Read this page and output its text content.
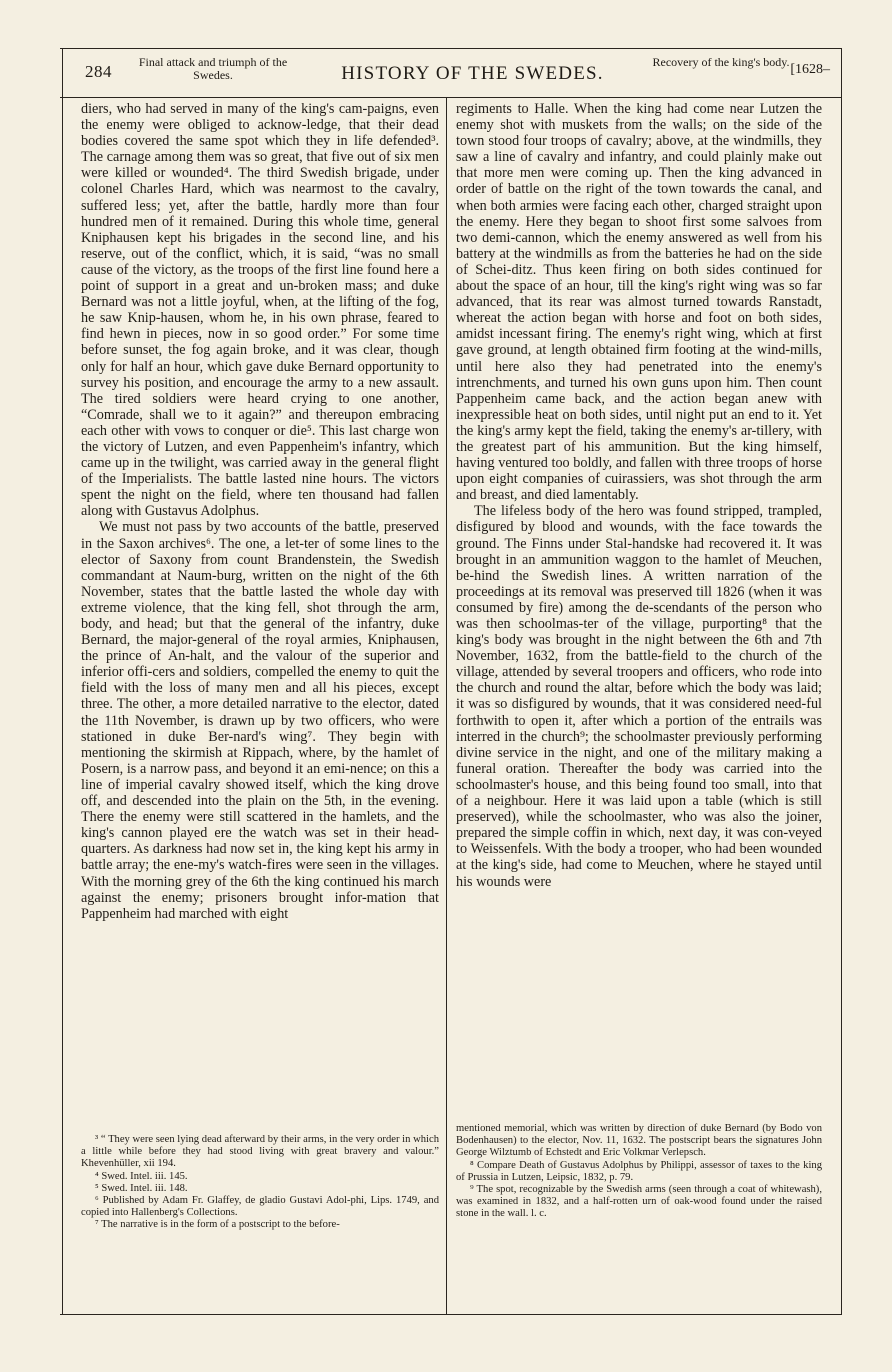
284 Final attack and triumph of the Swedes.	HISTORY OF THE SWEDES.
Recovery of the king's body. [1628–

diers, who had served in many of the king's cam-paigns, even the enemy were obliged to acknow-ledge, that their dead bodies covered the same spot which they in life defended³. The carnage among them was so great, that five out of six men were killed or wounded⁴. The third Swedish brigade, under colonel Charles Hard, which was nearmost to the cavalry, suffered less; yet, after the battle, hardly more than four hundred men of it remained. During this whole time, general Kniphausen kept his brigades in the second line, and his reserve, out of the conflict, which, it is said, “was no small cause of the victory, as the troops of the first line found here a point of support in a great and un-broken mass; and duke Bernard was not a little joyful, when, at the lifting of the fog, he saw Knip-hausen, whom he, in his own phrase, feared to find hewn in pieces, now in so good order.” For some time before sunset, the fog again broke, and it was clear, though only for half an hour, which gave duke Bernard opportunity to survey his position, and encourage the army to a new assault. The tired soldiers were heard crying to one another, “Comrade, shall we to it again?” and thereupon embracing each other with vows to conquer or die⁵. This last charge won the victory of Lutzen, and even Pappenheim's infantry, which came up in the twilight, was carried away in the general flight of the Imperialists. The battle lasted nine hours. The victors spent the night on the field, where ten thousand had fallen along with Gustavus Adolphus.

We must not pass by two accounts of the battle, preserved in the Saxon archives⁶. The one, a let-ter of some lines to the elector of Saxony from count Brandenstein, the Swedish commandant at Naum-burg, written on the night of the 6th November, states that the battle lasted the whole day with extreme violence, that the king fell, shot through the arm, body, and head; but that the general of the infantry, duke Bernard, the major-general of the royal armies, Kniphausen, the prince of An-halt, and the valour of the superior and inferior offi-cers and soldiers, compelled the enemy to quit the field with the loss of many men and all his pieces, except three. The other, a more detailed narrative to the elector, dated the 11th November, is drawn up by two officers, who were stationed in duke Ber-nard's wing⁷. They begin with mentioning the skirmish at Rippach, where, by the hamlet of Posern, is a narrow pass, and beyond it an emi-nence; on this a line of imperial cavalry showed itself, which the king drove off, and descended into the plain on the 5th, in the evening. There the enemy were still scattered in the hamlets, and the king's cannon played ere the watch was set in their head-quarters. As darkness had now set in, the king kept his army in battle array; the ene-my's watch-fires were seen in the villages. With the morning grey of the 6th the king continued his march against the enemy; prisoners brought infor-mation that Pappenheim had marched with eight

³ “ They were seen lying dead afterward by their arms, in the very order in which a little while before they had stood living with great bravery and valour.” Khevenhüller, xii 194.

⁴ Swed. Intel. iii. 145.

⁵ Swed. Intel. iii. 148.

⁶ Published by Adam Fr. Glaffey, de gladio Gustavi Adol-phi, Lips. 1749, and copied into Hallenberg's Collections.

⁷ The narrative is in the form of a postscript to the before-

regiments to Halle. When the king had come near Lutzen the enemy shot with muskets from the walls; on the side of the town stood four troops of cavalry; above, at the windmills, they saw a line of cavalry and infantry, and could plainly make out that more men were coming up. Then the king advanced in order of battle on the right of the town towards the canal, and when both armies were facing each other, charged straight upon the enemy. Here they began to shoot first some salvoes from two demi-cannon, which the enemy answered as well from his battery at the windmills as from the batteries he had on the side of Schei-ditz. Thus keen firing on both sides continued for about the space of an hour, till the king's right wing was so far advanced, that its rear was almost turned towards Ranstadt, whereat the action began with horse and foot on both sides, amidst incessant firing. The enemy's right wing, which at first gave ground, at length obtained firm footing at the wind-mills, until here also they had penetrated into the enemy's intrenchments, and turned his own guns upon him. Then count Pappenheim came back, and the action began anew with inexpressible heat on both sides, until night put an end to it. Yet the king's army kept the field, taking the enemy's ar-tillery, with the greatest part of his ammunition. But the king himself, having ventured too boldly, and fallen with three troops of horse upon eight companies of cuirassiers, was shot through the arm and breast, and died lamentably.

The lifeless body of the hero was found stripped, trampled, disfigured by blood and wounds, with the face towards the ground. The Finns under Stal-handske had recovered it. It was brought in an ammunition waggon to the hamlet of Meuchen, be-hind the Swedish lines. A written narration of the proceedings at its removal was preserved till 1826 (when it was consumed by fire) among the de-scendants of the person who was then schoolmas-ter of the village, purporting⁸ that the king's body was brought in the night between the 6th and 7th November, 1632, from the battle-field to the church of the village, attended by several troopers and officers, who rode into the church and round the altar, before which the body was laid; it was so disfigured by wounds, that it was considered need-ful forthwith to open it, after which a portion of the entrails was interred in the church⁹; the schoolmaster previously performing divine service in the night, and one of the military making a funeral oration. Thereafter the body was carried into the schoolmaster's house, and this being found too small, into that of a neighbour. Here it was laid upon a table (which is still preserved), while the schoolmaster, who was also the joiner, prepared the simple coffin in which, next day, it was con-veyed to Weissenfels. With the body a trooper, who had been wounded at the king's side, had come to Meuchen, where he stayed until his wounds were

mentioned memorial, which was written by direction of duke Bernard (by Bodo von Bodenhausen) to the elector, Nov. 11, 1632. The postscript bears the signatures John George Wilztumb of Echstedt and Eric Volkmar Verlepsch.

⁸ Compare Death of Gustavus Adolphus by Philippi, assessor of taxes to the king of Prussia in Lutzen, Leipsic, 1832, p. 79.

⁹ The spot, recognizable by the Swedish arms (seen through a coat of whitewash), was examined in 1832, and a half-rotten urn of oak-wood found under the raised stone in the wall. l. c.
